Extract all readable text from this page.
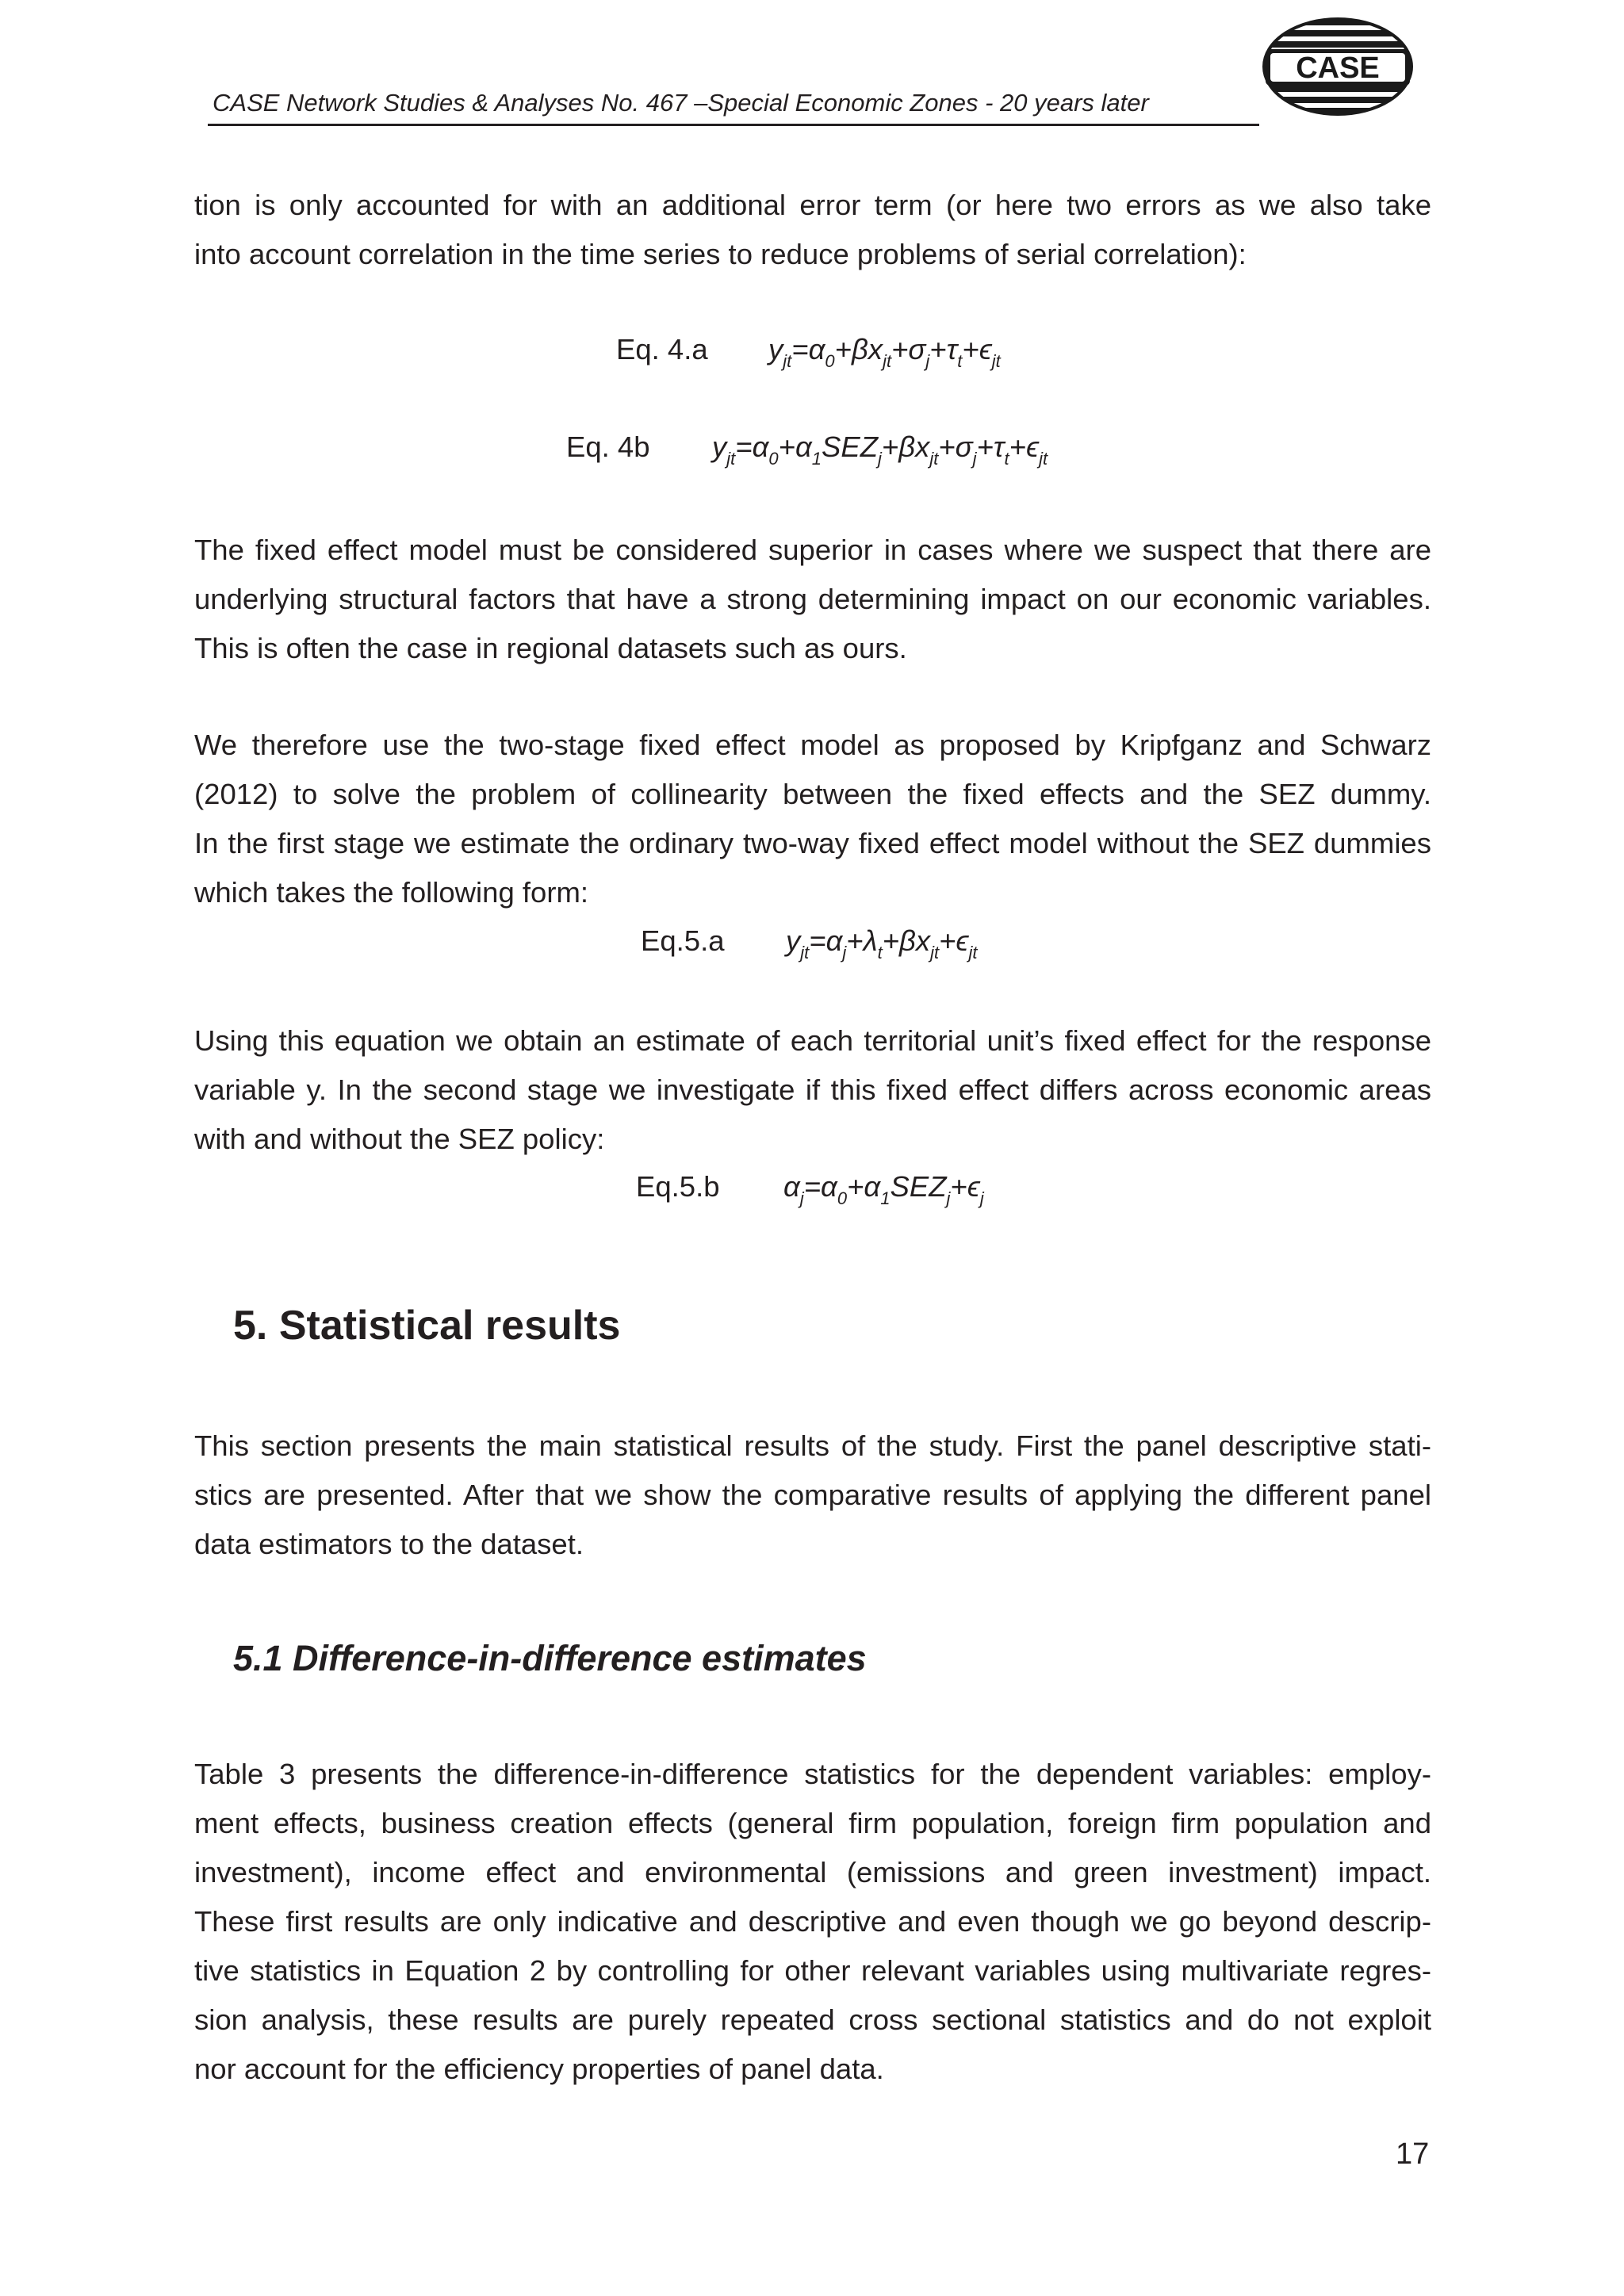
CASE Network Studies & Analyses No. 467 –Special Economic Zones - 20 years later
CASE
tion is only accounted for with an additional error term (or here two errors as we also take
into account correlation in the time series to reduce problems of serial correlation):
Eq. 4.a $y_{jt}=\alpha_0+\beta x_{jt}+\sigma_j+\tau_t+\epsilon_{jt}$
Eq. 4b $y_{jt}=\alpha_0+\alpha_1SEZ_j+\beta x_{jt}+\sigma_j+\tau_t+\epsilon_{jt}$
The fixed effect model must be considered superior in cases where we suspect that there are
underlying structural factors that have a strong determining impact on our economic variables.
This is often the case in regional datasets such as ours.
We therefore use the two-stage fixed effect model as proposed by Kripfganz and Schwarz
(2012) to solve the problem of collinearity between the fixed effects and the SEZ dummy.
In the first stage we estimate the ordinary two-way fixed effect model without the SEZ dummies
which takes the following form:
Eq.5.a $y_{jt}=\alpha_j+\lambda_t+\beta x_{jt}+\epsilon_{jt}$
Using this equation we obtain an estimate of each territorial unit’s fixed effect for the response
variable y. In the second stage we investigate if this fixed effect differs across economic areas
with and without the SEZ policy:
Eq.5.b $\alpha_j=\alpha_0+\alpha_1SEZ_j+\epsilon_j$
5. Statistical results
This section presents the main statistical results of the study. First the panel descriptive stati-
stics are presented. After that we show the comparative results of applying the different panel
data estimators to the dataset.
5.1 Difference-in-difference estimates
Table 3 presents the difference-in-difference statistics for the dependent variables: employ-
ment effects, business creation effects (general firm population, foreign firm population and
investment), income effect and environmental (emissions and green investment) impact.
These first results are only indicative and descriptive and even though we go beyond descrip-
tive statistics in Equation 2 by controlling for other relevant variables using multivariate regres-
sion analysis, these results are purely repeated cross sectional statistics and do not exploit
nor account for the efficiency properties of panel data.
17
